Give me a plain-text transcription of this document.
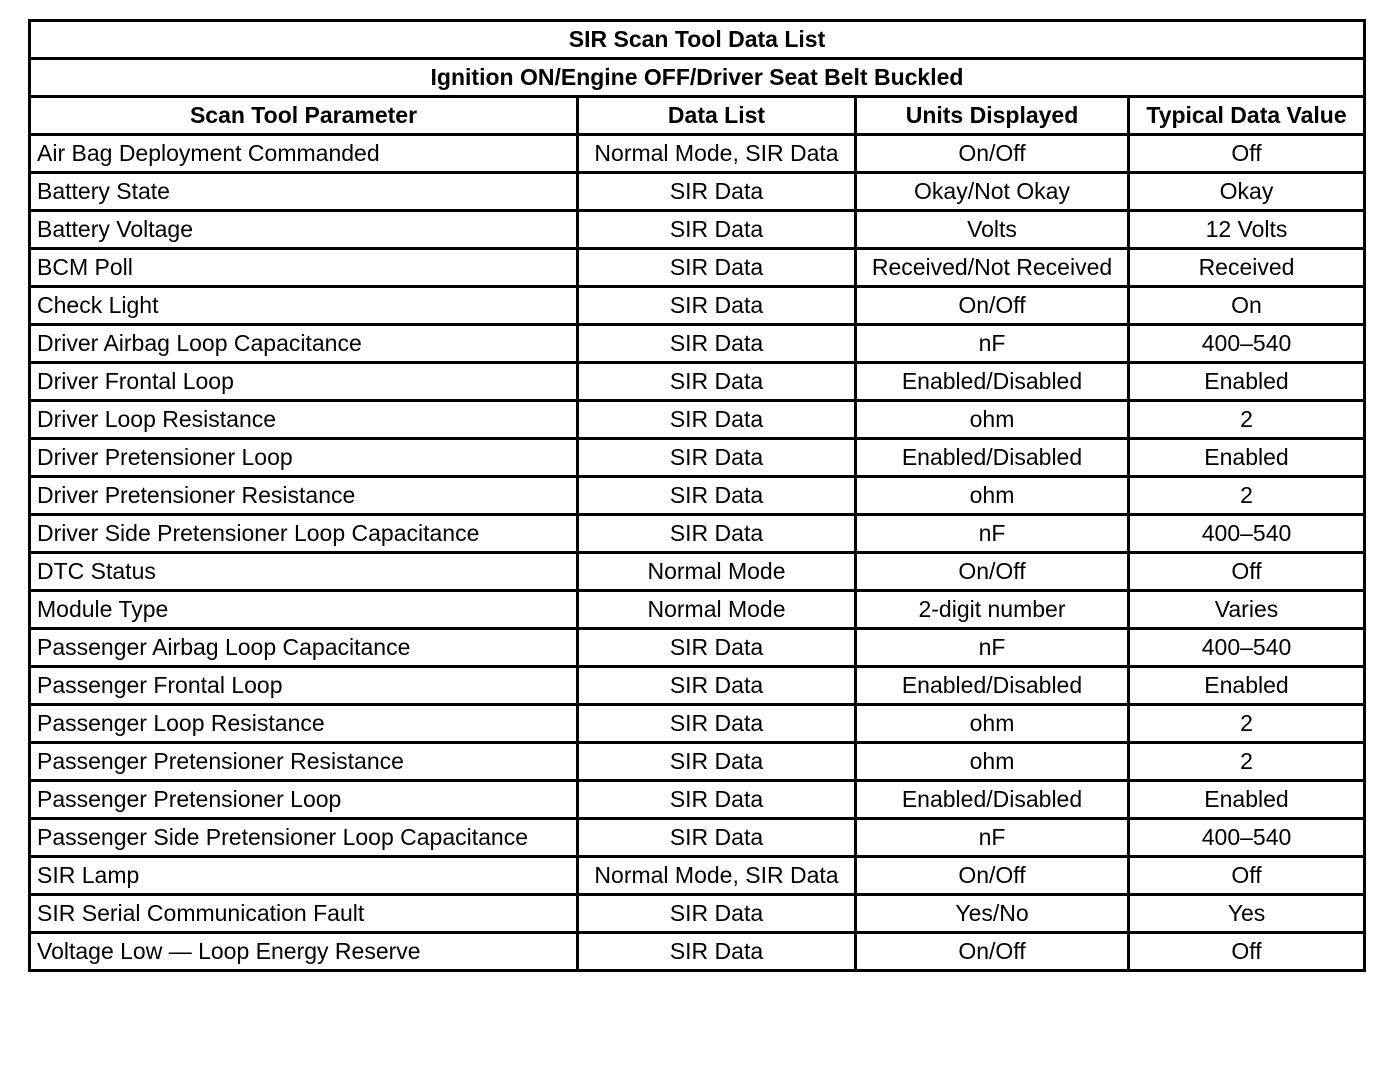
SIR Scan Tool Data List			
Ignition ON/Engine OFF/Driver Seat Belt Buckled			
Scan Tool Parameter	Data List	Units Displayed	Typical Data Value
Air Bag Deployment Commanded	Normal Mode, SIR Data	On/Off	Off
Battery State	SIR Data	Okay/Not Okay	Okay
Battery Voltage	SIR Data	Volts	12 Volts
BCM Poll	SIR Data	Received/Not Received	Received
Check Light	SIR Data	On/Off	On
Driver Airbag Loop Capacitance	SIR Data	nF	400–540
Driver Frontal Loop	SIR Data	Enabled/Disabled	Enabled
Driver Loop Resistance	SIR Data	ohm	2
Driver Pretensioner Loop	SIR Data	Enabled/Disabled	Enabled
Driver Pretensioner Resistance	SIR Data	ohm	2
Driver Side Pretensioner Loop Capacitance	SIR Data	nF	400–540
DTC Status	Normal Mode	On/Off	Off
Module Type	Normal Mode	2-digit number	Varies
Passenger Airbag Loop Capacitance	SIR Data	nF	400–540
Passenger Frontal Loop	SIR Data	Enabled/Disabled	Enabled
Passenger Loop Resistance	SIR Data	ohm	2
Passenger Pretensioner Resistance	SIR Data	ohm	2
Passenger Pretensioner Loop	SIR Data	Enabled/Disabled	Enabled
Passenger Side Pretensioner Loop Capacitance	SIR Data	nF	400–540
SIR Lamp	Normal Mode, SIR Data	On/Off	Off
SIR Serial Communication Fault	SIR Data	Yes/No	Yes
Voltage Low — Loop Energy Reserve	SIR Data	On/Off	Off
